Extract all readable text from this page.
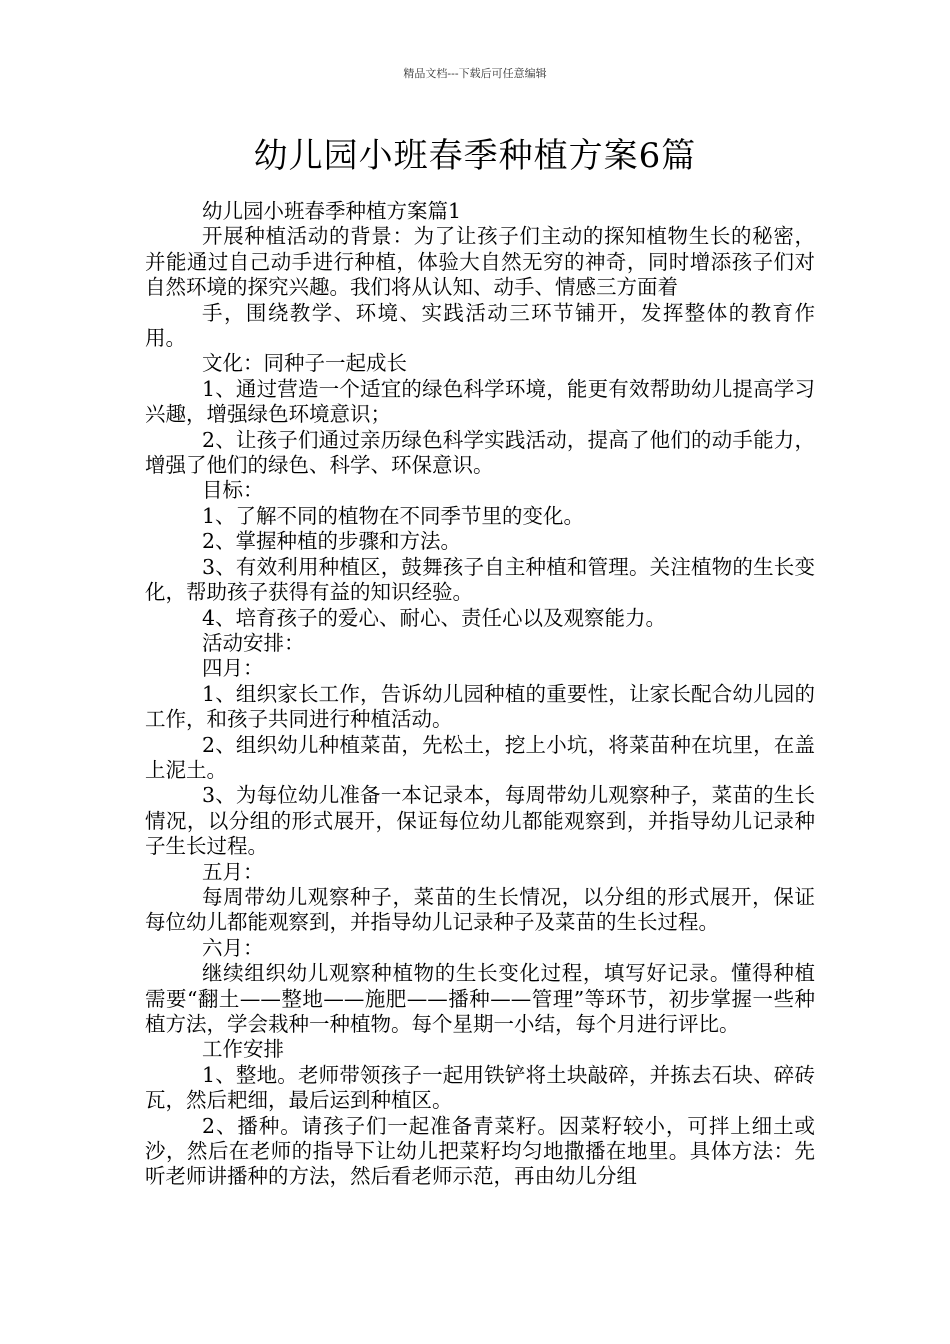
精品文档---下载后可任意编辑
幼儿园小班春季种植方案6篇

幼儿园小班春季种植方案篇1

开展种植活动的背景：为了让孩子们主动的探知植物生长的秘密，并能通过自己动手进行种植，体验大自然无穷的神奇，同时增添孩子们对自然环境的探究兴趣。我们将从认知、动手、情感三方面着

手，围绕教学、环境、实践活动三环节铺开，发挥整体的教育作用。

文化：同种子一起成长

1、通过营造一个适宜的绿色科学环境，能更有效帮助幼儿提高学习兴趣，增强绿色环境意识；

2、让孩子们通过亲历绿色科学实践活动，提高了他们的动手能力，增强了他们的绿色、科学、环保意识。

目标：

1、了解不同的植物在不同季节里的变化。

2、掌握种植的步骤和方法。

3、有效利用种植区，鼓舞孩子自主种植和管理。关注植物的生长变化，帮助孩子获得有益的知识经验。

4、培育孩子的爱心、耐心、责任心以及观察能力。

活动安排：

四月：

1、组织家长工作，告诉幼儿园种植的重要性，让家长配合幼儿园的工作，和孩子共同进行种植活动。

2、组织幼儿种植菜苗，先松土，挖上小坑，将菜苗种在坑里，在盖上泥土。

3、为每位幼儿准备一本记录本，每周带幼儿观察种子，菜苗的生长情况，以分组的形式展开，保证每位幼儿都能观察到，并指导幼儿记录种子生长过程。

五月：

每周带幼儿观察种子，菜苗的生长情况，以分组的形式展开，保证每位幼儿都能观察到，并指导幼儿记录种子及菜苗的生长过程。

六月：

继续组织幼儿观察种植物的生长变化过程，填写好记录。懂得种植需要“翻土——整地——施肥——播种——管理”等环节，初步掌握一些种植方法，学会栽种一种植物。每个星期一小结，每个月进行评比。

工作安排

1、整地。老师带领孩子一起用铁铲将土块敲碎，并拣去石块、碎砖瓦，然后耙细，最后运到种植区。

2、播种。请孩子们一起准备青菜籽。因菜籽较小，可拌上细土或沙，然后在老师的指导下让幼儿把菜籽均匀地撒播在地里。具体方法：先听老师讲播种的方法，然后看老师示范，再由幼儿分组
